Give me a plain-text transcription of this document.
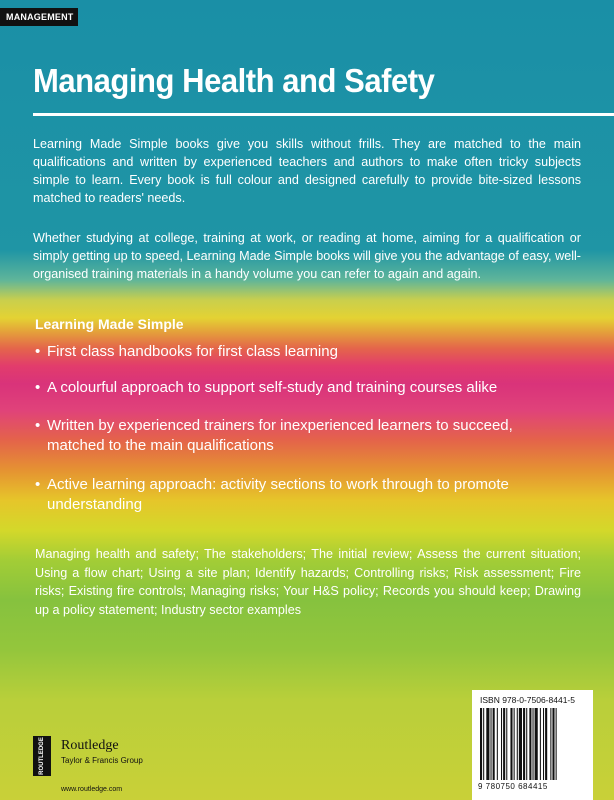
MANAGEMENT
Managing Health and Safety

Learning Made Simple books give you skills without frills. They are matched to the main qualifications and written by experienced teachers and authors to make often tricky subjects simple to learn. Every book is full colour and designed carefully to provide bite-sized lessons matched to readers' needs.

Whether studying at college, training at work, or reading at home, aiming for a qualification or simply getting up to speed, Learning Made Simple books will give you the advantage of easy, well-organised training materials in a handy volume you can refer to again and again.

Learning Made Simple
• First class handbooks for first class learning
• A colourful approach to support self-study and training courses alike
• Written by experienced trainers for inexperienced learners to succeed, matched to the main qualifications
• Active learning approach: activity sections to work through to promote understanding

Managing health and safety; The stakeholders; The initial review; Assess the current situation; Using a flow chart; Using a site plan; Identify hazards; Controlling risks; Risk assessment; Fire risks; Existing fire controls; Managing risks; Your H&S policy; Records you should keep; Drawing up a policy statement; Industry sector examples

ROUTLEDGE Routledge
Taylor & Francis Group
www.routledge.com
ISBN 978-0-7506-8441-5
9 780750 684415
